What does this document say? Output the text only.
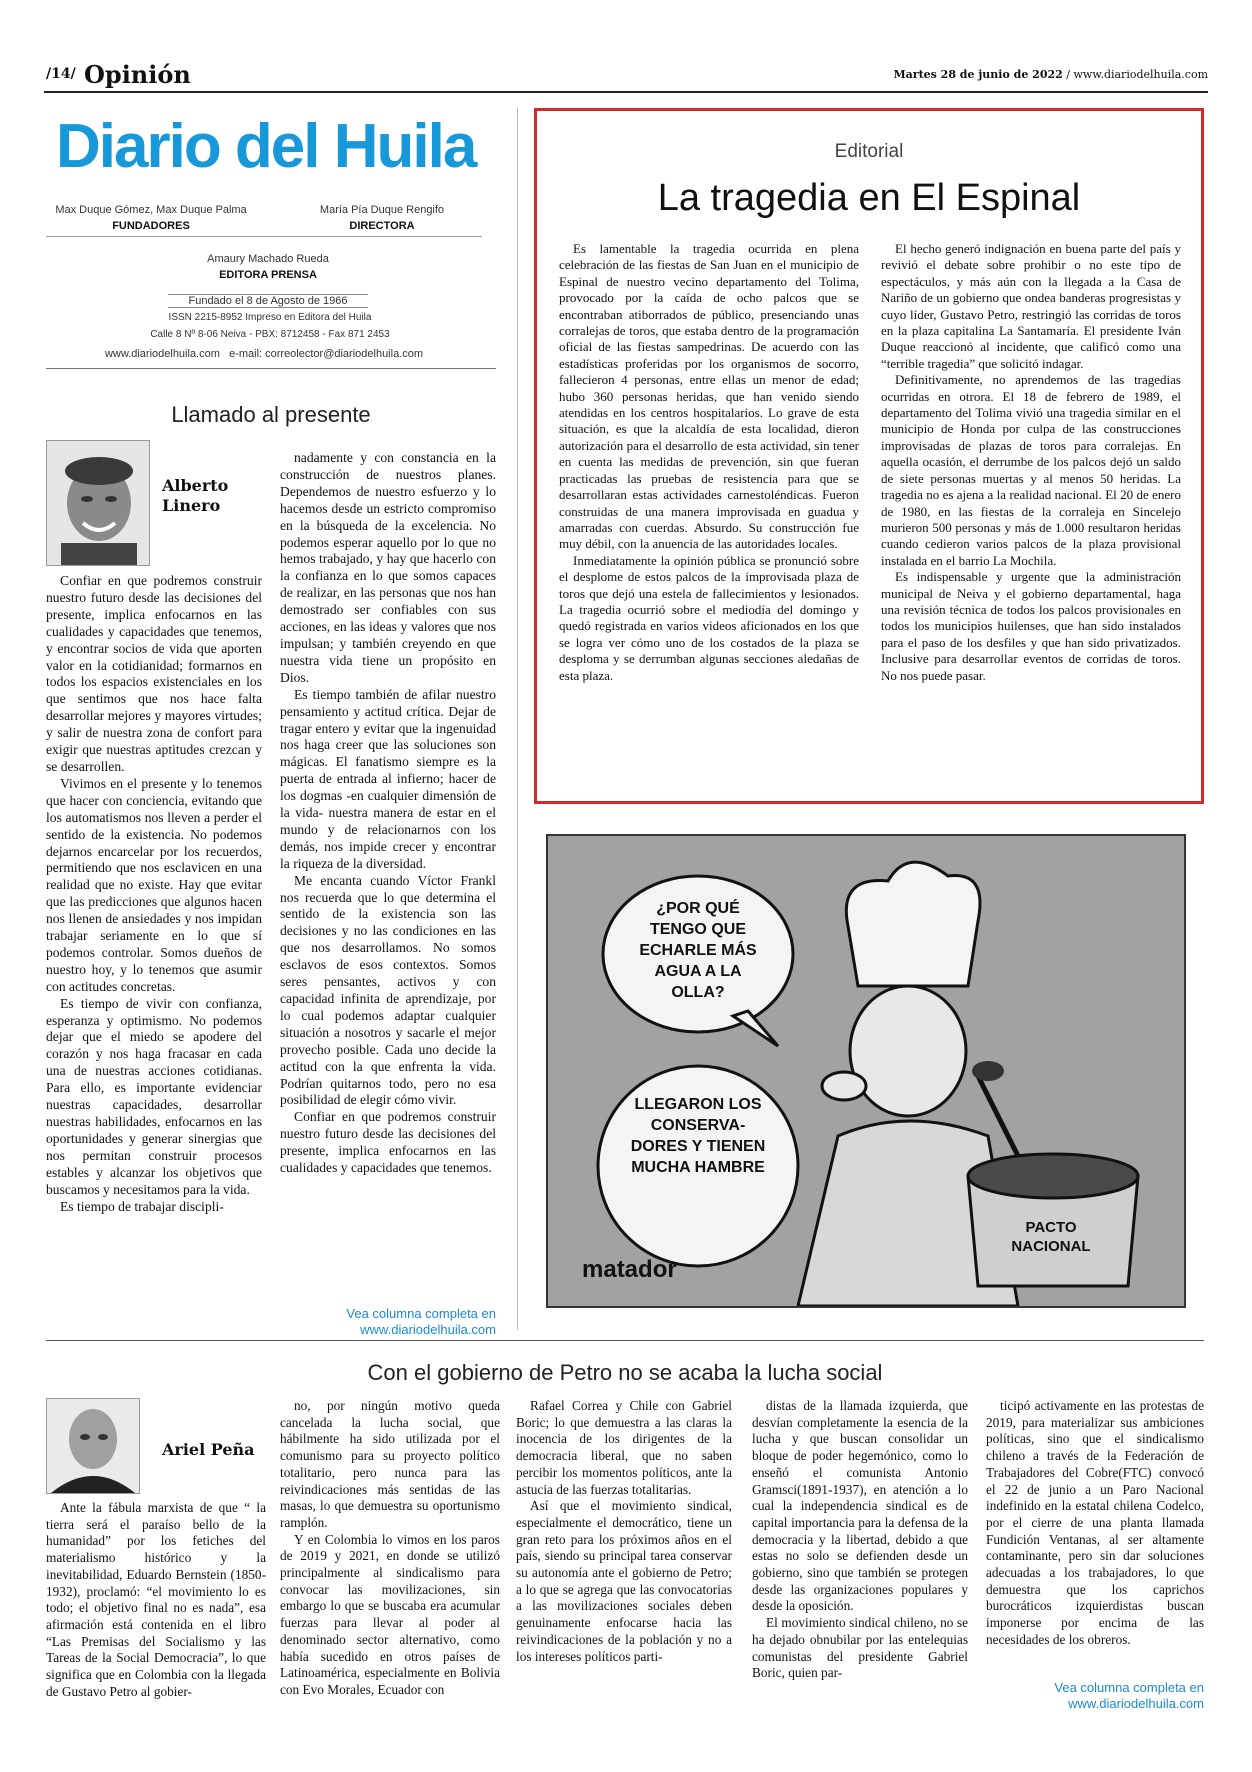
/14/ Opinión	Martes 28 de junio de 2022 / www.diariodelhuila.com
Diario del Huila
Max Duque Gómez, Max Duque Palma
FUNDADORES
María Pía Duque Rengifo
DIRECTORA
Amaury Machado Rueda
EDITORA PRENSA
Fundado el 8 de Agosto de 1966
ISSN 2215-8952 Impreso en Editora del Huila
Calle 8 Nº 8-06 Neiva - PBX: 8712458 - Fax 871 2453
www.diariodelhuila.com   e-mail: correolector@diariodelhuila.com
Editorial
La tragedia en El Espinal

Es lamentable la tragedia ocurrida en plena celebración de las fiestas de San Juan en el municipio de Espinal de nuestro vecino departamento del Tolima, provocado por la caída de ocho palcos que se encontraban atiborrados de público, presenciando unas corralejas de toros, que estaba dentro de la programación oficial de las fiestas sampedrinas. De acuerdo con las estadísticas proferidas por los organismos de socorro, fallecieron 4 personas, entre ellas un menor de edad; hubo 360 personas heridas, que han venido siendo atendidas en los centros hospitalarios. Lo grave de esta situación, es que la alcaldía de esta localidad, dieron autorización para el desarrollo de esta actividad, sin tener en cuenta las medidas de prevención, sin que fueran practicadas las pruebas de resistencia para que se desarrollaran estas actividades carnestoléndicas. Fueron construidas de una manera improvisada en guadua y amarradas con cuerdas. Absurdo. Su construcción fue muy débil, con la anuencia de las autoridades locales.

Inmediatamente la opinión pública se pronunció sobre el desplome de estos palcos de la improvisada plaza de toros que dejó una estela de fallecimientos y lesionados. La tragedia ocurrió sobre el mediodía del domingo y quedó registrada en varios videos aficionados en los que se logra ver cómo uno de los costados de la plaza se desploma y se derrumban algunas secciones aledañas de esta plaza.

El hecho generó indignación en buena parte del país y revivió el debate sobre prohibir o no este tipo de espectáculos, y más aún con la llegada a la Casa de Nariño de un gobierno que ondea banderas progresistas y cuyo líder, Gustavo Petro, restringió las corridas de toros en la plaza capitalina La Santamaría. El presidente Iván Duque reaccionó al incidente, que calificó como una “terrible tragedia” que solicitó indagar.

Definitivamente, no aprendemos de las tragedias ocurridas en otrora. El 18 de febrero de 1989, el departamento del Tolima vivió una tragedia similar en el municipio de Honda por culpa de las construcciones improvisadas de plazas de toros para corralejas. En aquella ocasión, el derrumbe de los palcos dejó un saldo de siete personas muertas y al menos 50 heridas. La tragedia no es ajena a la realidad nacional. El 20 de enero de 1980, en las fiestas de la corraleja en Sincelejo murieron 500 personas y más de 1.000 resultaron heridas cuando cedieron varios palcos de la plaza provisional instalada en el barrio La Mochila.

Es indispensable y urgente que la administración municipal de Neiva y el gobierno departamental, haga una revisión técnica de todos los palcos provisionales en todos los municipios huilenses, que han sido instalados para el paso de los desfiles y que han sido privatizados. Inclusive para desarrollar eventos de corridas de toros. No nos puede pasar.

Llamado al presente
Alberto Linero

Confiar en que podremos construir nuestro futuro desde las decisiones del presente, implica enfocarnos en las cualidades y capacidades que tenemos, y encontrar socios de vida que aporten valor en la cotidianidad; formarnos en todos los espacios existenciales en los que sentimos que nos hace falta desarrollar mejores y mayores virtudes; y salir de nuestra zona de confort para exigir que nuestras aptitudes crezcan y se desarrollen.

Vivimos en el presente y lo tenemos que hacer con conciencia, evitando que los automatismos nos lleven a perder el sentido de la existencia. No podemos dejarnos encarcelar por los recuerdos, permitiendo que nos esclavicen en una realidad que no existe. Hay que evitar que las predicciones que algunos hacen nos llenen de ansiedades y nos impidan trabajar seriamente en lo que sí podemos controlar. Somos dueños de nuestro hoy, y lo tenemos que asumir con actitudes concretas.

Es tiempo de vivir con confianza, esperanza y optimismo. No podemos dejar que el miedo se apodere del corazón y nos haga fracasar en cada una de nuestras acciones cotidianas. Para ello, es importante evidenciar nuestras capacidades, desarrollar nuestras habilidades, enfocarnos en las oportunidades y generar sinergias que nos permitan construir procesos estables y alcanzar los objetivos que buscamos y necesitamos para la vida.

Es tiempo de trabajar discipli-

nadamente y con constancia en la construcción de nuestros planes. Dependemos de nuestro esfuerzo y lo hacemos desde un estricto compromiso en la búsqueda de la excelencia. No podemos esperar aquello por lo que no hemos trabajado, y hay que hacerlo con la confianza en lo que somos capaces de realizar, en las personas que nos han demostrado ser confiables con sus acciones, en las ideas y valores que nos impulsan; y también creyendo en que nuestra vida tiene un propósito en Dios.

Es tiempo también de afilar nuestro pensamiento y actitud crítica. Dejar de tragar entero y evitar que la ingenuidad nos haga creer que las soluciones son mágicas. El fanatismo siempre es la puerta de entrada al infierno; hacer de los dogmas -en cualquier dimensión de la vida- nuestra manera de estar en el mundo y de relacionarnos con los demás, nos impide crecer y encontrar la riqueza de la diversidad.

Me encanta cuando Víctor Frankl nos recuerda que lo que determina el sentido de la existencia son las decisiones y no las condiciones en las que nos desarrollamos. No somos esclavos de esos contextos. Somos seres pensantes, activos y con capacidad infinita de aprendizaje, por lo cual podemos adaptar cualquier situación a nosotros y sacarle el mejor provecho posible. Cada uno decide la actitud con la que enfrenta la vida. Podrían quitarnos todo, pero no esa posibilidad de elegir cómo vivir.

Confiar en que podremos construir nuestro futuro desde las decisiones del presente, implica enfocarnos en las cualidades y capacidades que tenemos.

Vea columna completa en
www.diariodelhuila.com
¿POR QUÉ TENGO QUE ECHARLE MÁS AGUA A LA OLLA?
LLEGARON LOS CONSERVA-DORES Y TIENEN MUCHA HAMBRE
PACTO NACIONAL
matador
Con el gobierno de Petro no se acaba la lucha social
Ariel Peña

Ante la fábula marxista de que “ la tierra será el paraíso bello de la humanidad” por los fetiches del materialismo histórico y la inevitabilidad, Eduardo Bernstein (1850-1932), proclamó: “el movimiento lo es todo; el objetivo final no es nada”, esa afirmación está contenida en el libro “Las Premisas del Socialismo y las Tareas de la Social Democracia”, lo que significa que en Colombia con la llegada de Gustavo Petro al gobier-

no, por ningún motivo queda cancelada la lucha social, que hábilmente ha sido utilizada por el comunismo para su proyecto político totalitario, pero nunca para las reivindicaciones más sentidas de las masas, lo que demuestra su oportunismo ramplón.

Y en Colombia lo vimos en los paros de 2019 y 2021, en donde se utilizó principalmente al sindicalismo para convocar las movilizaciones, sin embargo lo que se buscaba era acumular fuerzas para llevar al poder al denominado sector alternativo, como había sucedido en otros países de Latinoamérica, especialmente en Bolivia con Evo Morales, Ecuador con

Rafael Correa y Chile con Gabriel Boric; lo que demuestra a las claras la inocencia de los dirigentes de la democracia liberal, que no saben percibir los momentos políticos, ante la astucia de las fuerzas totalitarias.

Así que el movimiento sindical, especialmente el democrático, tiene un gran reto para los próximos años en el país, siendo su principal tarea conservar su autonomía ante el gobierno de Petro; a lo que se agrega que las convocatorias a las movilizaciones sociales deben genuinamente enfocarse hacia las reivindicaciones de la población y no a los intereses políticos parti-

distas de la llamada izquierda, que desvían completamente la esencia de la lucha y que buscan consolidar un bloque de poder hegemónico, como lo enseñó el comunista Antonio Gramsci(1891-1937), en atención a lo cual la independencia sindical es de capital importancia para la defensa de la democracia y la libertad, debido a que estas no solo se defienden desde un gobierno, sino que también se protegen desde las organizaciones populares y desde la oposición.

El movimiento sindical chileno, no se ha dejado obnubilar por las entelequias comunistas del presidente Gabriel Boric, quien par-

ticipó activamente en las protestas de 2019, para materializar sus ambiciones políticas, sino que el sindicalismo chileno a través de la Federación de Trabajadores del Cobre(FTC) convocó el 22 de junio a un Paro Nacional indefinido en la estatal chilena Codelco, por el cierre de una planta llamada Fundición Ventanas, al ser altamente contaminante, pero sin dar soluciones adecuadas a los trabajadores, lo que demuestra que los caprichos burocráticos izquierdistas buscan imponerse por encima de las necesidades de los obreros.

Vea columna completa en
www.diariodelhuila.com
